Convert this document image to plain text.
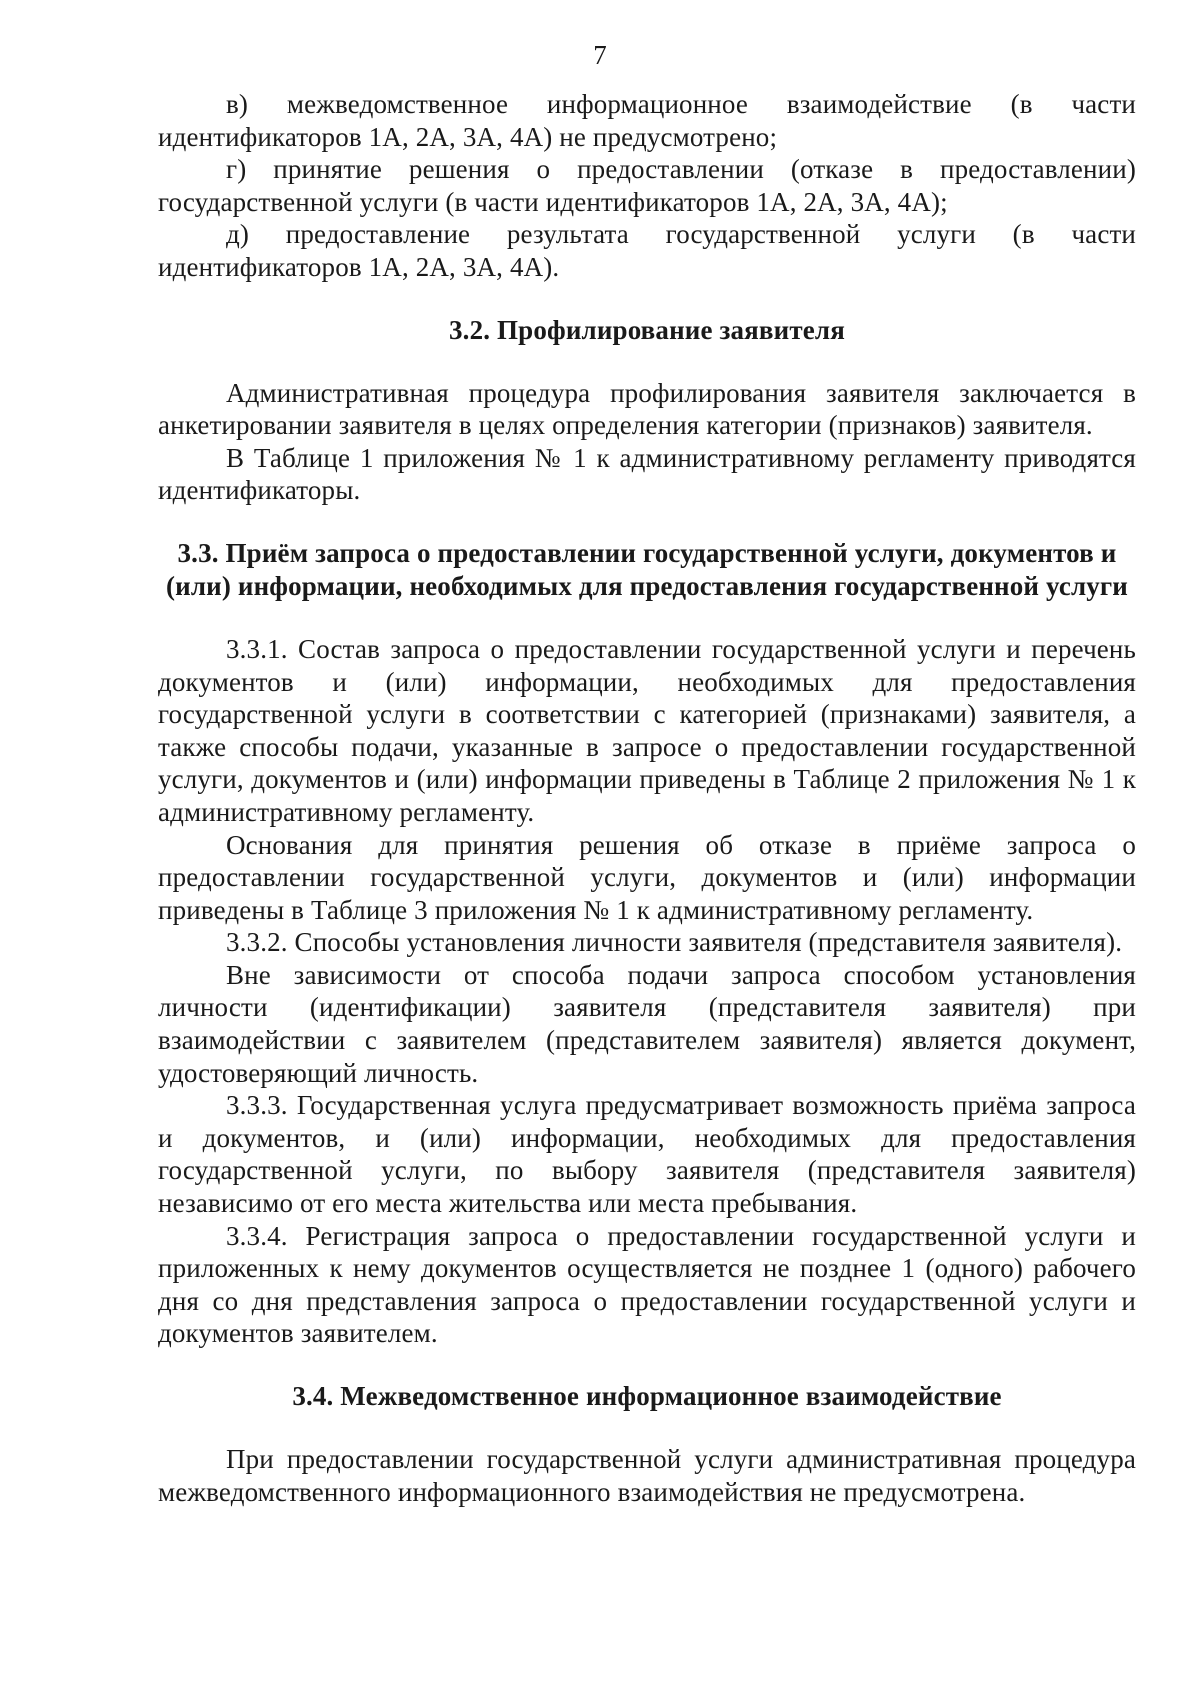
7

в) межведомственное информационное взаимодействие (в части идентификаторов 1А, 2А, 3А, 4А) не предусмотрено;

г) принятие решения о предоставлении (отказе в предоставлении) государственной услуги (в части идентификаторов 1А, 2А, 3А, 4А);

д) предоставление результата государственной услуги (в части идентификаторов 1А, 2А, 3А, 4А).

3.2. Профилирование заявителя

Административная процедура профилирования заявителя заключается в анкетировании заявителя в целях определения категории (признаков) заявителя.

В Таблице 1 приложения № 1 к административному регламенту приводятся идентификаторы.

3.3. Приём запроса о предоставлении государственной услуги, документов и (или) информации, необходимых для предоставления государственной услуги

3.3.1. Состав запроса о предоставлении государственной услуги и перечень документов и (или) информации, необходимых для предоставления государственной услуги в соответствии с категорией (признаками) заявителя, а также способы подачи, указанные в запросе о предоставлении государственной услуги, документов и (или) информации приведены в Таблице 2 приложения № 1 к административному регламенту.

Основания для принятия решения об отказе в приёме запроса о предоставлении государственной услуги, документов и (или) информации приведены в Таблице 3 приложения № 1 к административному регламенту.

3.3.2. Способы установления личности заявителя (представителя заявителя).

Вне зависимости от способа подачи запроса способом установления личности (идентификации) заявителя (представителя заявителя) при взаимодействии с заявителем (представителем заявителя) является документ, удостоверяющий личность.

3.3.3. Государственная услуга предусматривает возможность приёма запроса и документов, и (или) информации, необходимых для предоставления государственной услуги, по выбору заявителя (представителя заявителя) независимо от его места жительства или места пребывания.

3.3.4. Регистрация запроса о предоставлении государственной услуги и приложенных к нему документов осуществляется не позднее 1 (одного) рабочего дня со дня представления запроса о предоставлении государственной услуги и документов заявителем.

3.4. Межведомственное информационное взаимодействие

При предоставлении государственной услуги административная процедура межведомственного информационного взаимодействия не предусмотрена.
